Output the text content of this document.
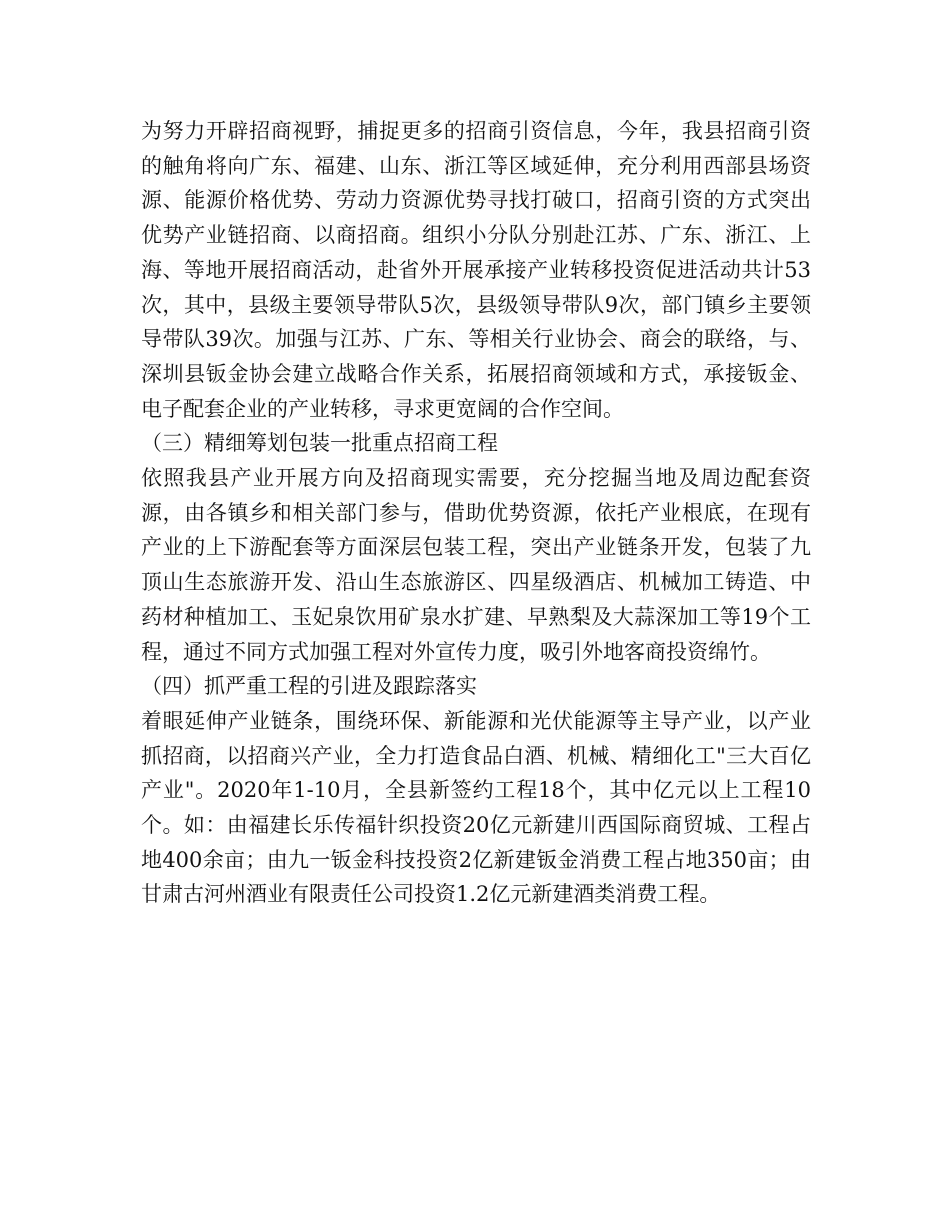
为努力开辟招商视野，捕捉更多的招商引资信息，今年，我县招商引资的触角将向广东、福建、山东、浙江等区域延伸，充分利用西部县场资源、能源价格优势、劳动力资源优势寻找打破口，招商引资的方式突出优势产业链招商、以商招商。组织小分队分别赴江苏、广东、浙江、上海、等地开展招商活动，赴省外开展承接产业转移投资促进活动共计53次，其中，县级主要领导带队5次，县级领导带队9次，部门镇乡主要领导带队39次。加强与江苏、广东、等相关行业协会、商会的联络，与、深圳县钣金协会建立战略合作关系，拓展招商领域和方式，承接钣金、电子配套企业的产业转移，寻求更宽阔的合作空间。

（三）精细筹划包装一批重点招商工程

依照我县产业开展方向及招商现实需要，充分挖掘当地及周边配套资源，由各镇乡和相关部门参与，借助优势资源，依托产业根底，在现有产业的上下游配套等方面深层包装工程，突出产业链条开发，包装了九顶山生态旅游开发、沿山生态旅游区、四星级酒店、机械加工铸造、中药材种植加工、玉妃泉饮用矿泉水扩建、早熟梨及大蒜深加工等19个工程，通过不同方式加强工程对外宣传力度，吸引外地客商投资绵竹。

（四）抓严重工程的引进及跟踪落实

着眼延伸产业链条，围绕环保、新能源和光伏能源等主导产业，以产业抓招商，以招商兴产业，全力打造食品白酒、机械、精细化工"三大百亿产业"。2020年1-10月，全县新签约工程18个，其中亿元以上工程10个。如：由福建长乐传福针织投资20亿元新建川西国际商贸城、工程占地400余亩；由九一钣金科技投资2亿新建钣金消费工程占地350亩；由甘肃古河州酒业有限责任公司投资1.2亿元新建酒类消费工程。
